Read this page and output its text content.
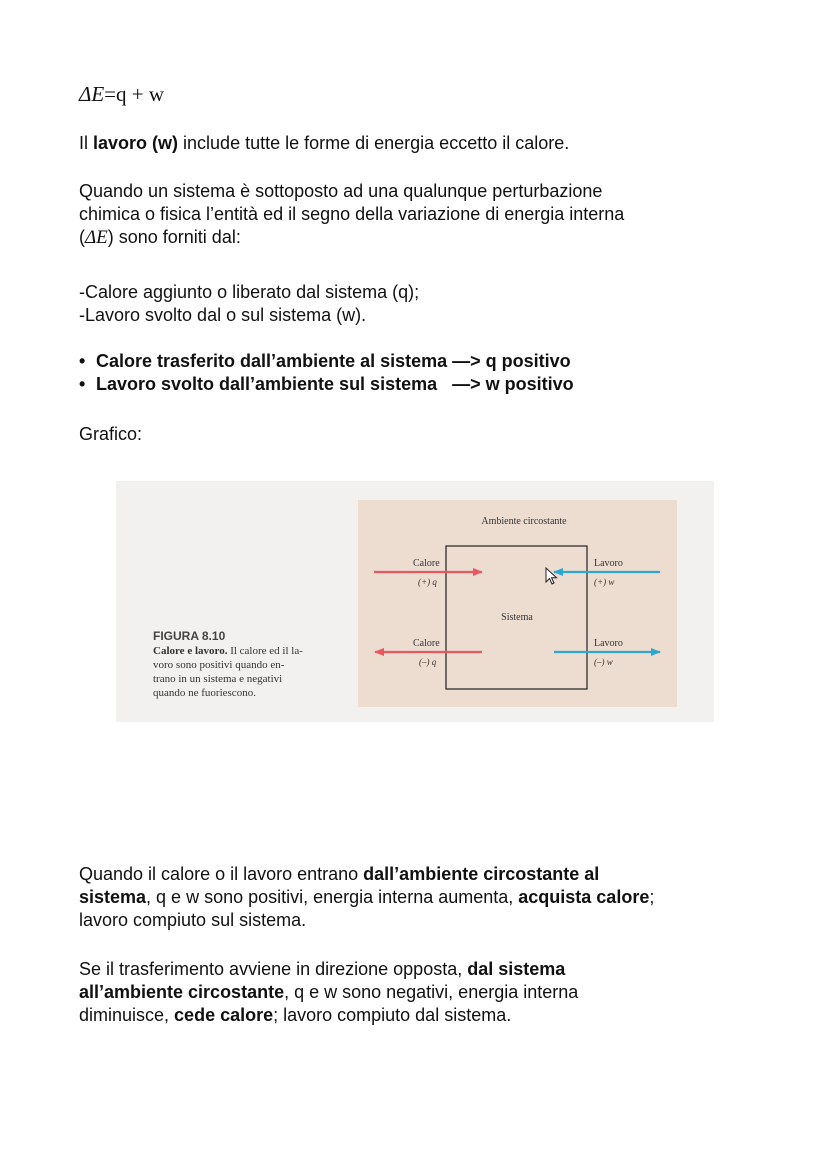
ΔE=q + w

Il lavoro (w) include tutte le forme di energia eccetto il calore.

Quando un sistema è sottoposto ad una qualunque perturbazione
chimica o fisica l’entità ed il segno della variazione di energia interna
(ΔE) sono forniti dal:

-Calore aggiunto o liberato dal sistema (q);
-Lavoro svolto dal o sul sistema (w).

• Calore trasferito dall’ambiente al sistema —> q positivo
• Lavoro svolto dall’ambiente sul sistema   —> w positivo

Grafico:

FIGURA 8.10
Calore e lavoro. Il calore ed il la-
voro sono positivi quando en-
trano in un sistema e negativi
quando ne fuoriescono.
Ambiente circostante
Sistema
Calore
(+) q
Lavoro
(+) w
Calore
(–) q
Lavoro
(–) w

Quando il calore o il lavoro entrano dall’ambiente circostante al
sistema, q e w sono positivi, energia interna aumenta, acquista calore;
lavoro compiuto sul sistema.

Se il trasferimento avviene in direzione opposta, dal sistema
all’ambiente circostante, q e w sono negativi, energia interna
diminuisce, cede calore; lavoro compiuto dal sistema.
